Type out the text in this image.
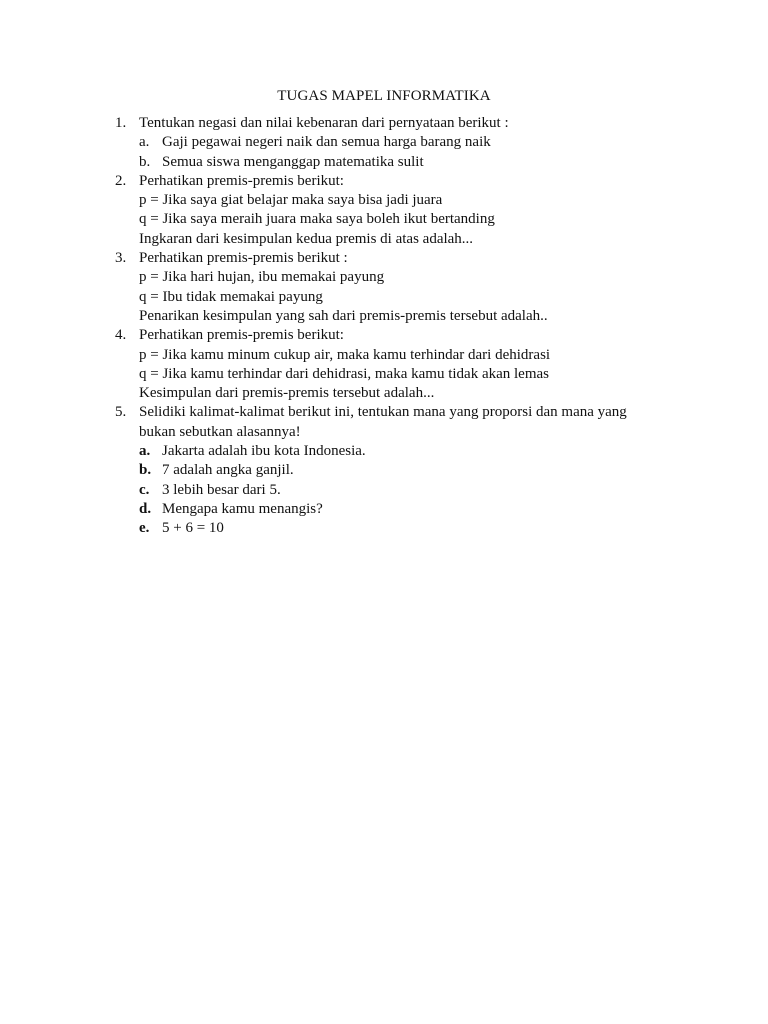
TUGAS MAPEL INFORMATIKA
1. Tentukan negasi dan nilai kebenaran dari pernyataan berikut :
a. Gaji pegawai negeri naik dan semua harga barang naik
b. Semua siswa menganggap matematika sulit
2. Perhatikan premis-premis berikut:
p = Jika saya giat belajar maka saya bisa jadi juara
q = Jika saya meraih juara maka saya boleh ikut bertanding
Ingkaran dari kesimpulan kedua premis di atas adalah...
3. Perhatikan premis-premis berikut :
p = Jika hari hujan, ibu memakai payung
q = Ibu tidak memakai payung
Penarikan kesimpulan yang sah dari premis-premis tersebut adalah..
4. Perhatikan premis-premis berikut:
p = Jika kamu minum cukup air, maka kamu terhindar dari dehidrasi
q = Jika kamu terhindar dari dehidrasi, maka kamu tidak akan lemas
Kesimpulan dari premis-premis tersebut adalah...
5. Selidiki kalimat-kalimat berikut ini, tentukan mana yang proporsi dan mana yang
bukan sebutkan alasannya!
a. Jakarta adalah ibu kota Indonesia.
b. 7 adalah angka ganjil.
c. 3 lebih besar dari 5.
d. Mengapa kamu menangis?
e. 5 + 6 = 10
